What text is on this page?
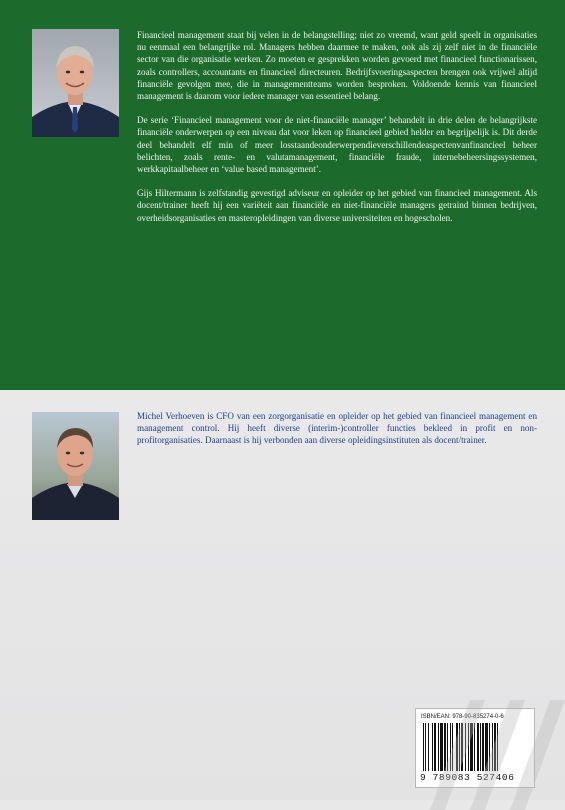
Financieel management staat bij velen in de belangstelling; niet zo vreemd, want geld speelt in organisaties nu eenmaal een belangrijke rol. Managers hebben daarmee te maken, ook als zij zelf niet in de financiële sector van die organisatie werken. Zo moeten er gesprekken worden gevoerd met financieel functionarissen, zoals controllers, accountants en financieel directeuren. Bedrijfsvoeringsaspecten brengen ook vrijwel altijd financiële gevolgen mee, die in managementteams worden besproken. Voldoende kennis van financieel management is daarom voor iedere manager van essentieel belang.

De serie ‘Financieel management voor de niet-financiële manager’ behandelt in drie delen de belangrijkste financiële onderwerpen op een niveau dat voor leken op financieel gebied helder en begrijpelijk is. Dit derde deel behandelt elf min of meer losstaandeonderwerpendieverschillendeaspectenvanfinancieel beheer belichten, zoals rente- en valutamanagement, financiële fraude, internebeheersingssystemen, werkkapitaalbeheer en ‘value based management’.

Gijs Hiltermann is zelfstandig gevestigd adviseur en opleider op het gebied van financieel management. Als docent/trainer heeft hij een variëteit aan financiële en niet-financiële managers getraind binnen bedrijven, overheidsorganisaties en masteropleidingen van diverse universiteiten en hogescholen.

Michel Verhoeven is CFO van een zorgorganisatie en opleider op het gebied van financieel management en management control. Hij heeft diverse (interim-)controller functies bekleed in profit en non-profitorganisaties. Daarnaast is hij verbonden aan diverse opleidingsinstituten als docent/trainer.

ISBN/EAN: 978-90-835274-0-6
9 789083 527406
